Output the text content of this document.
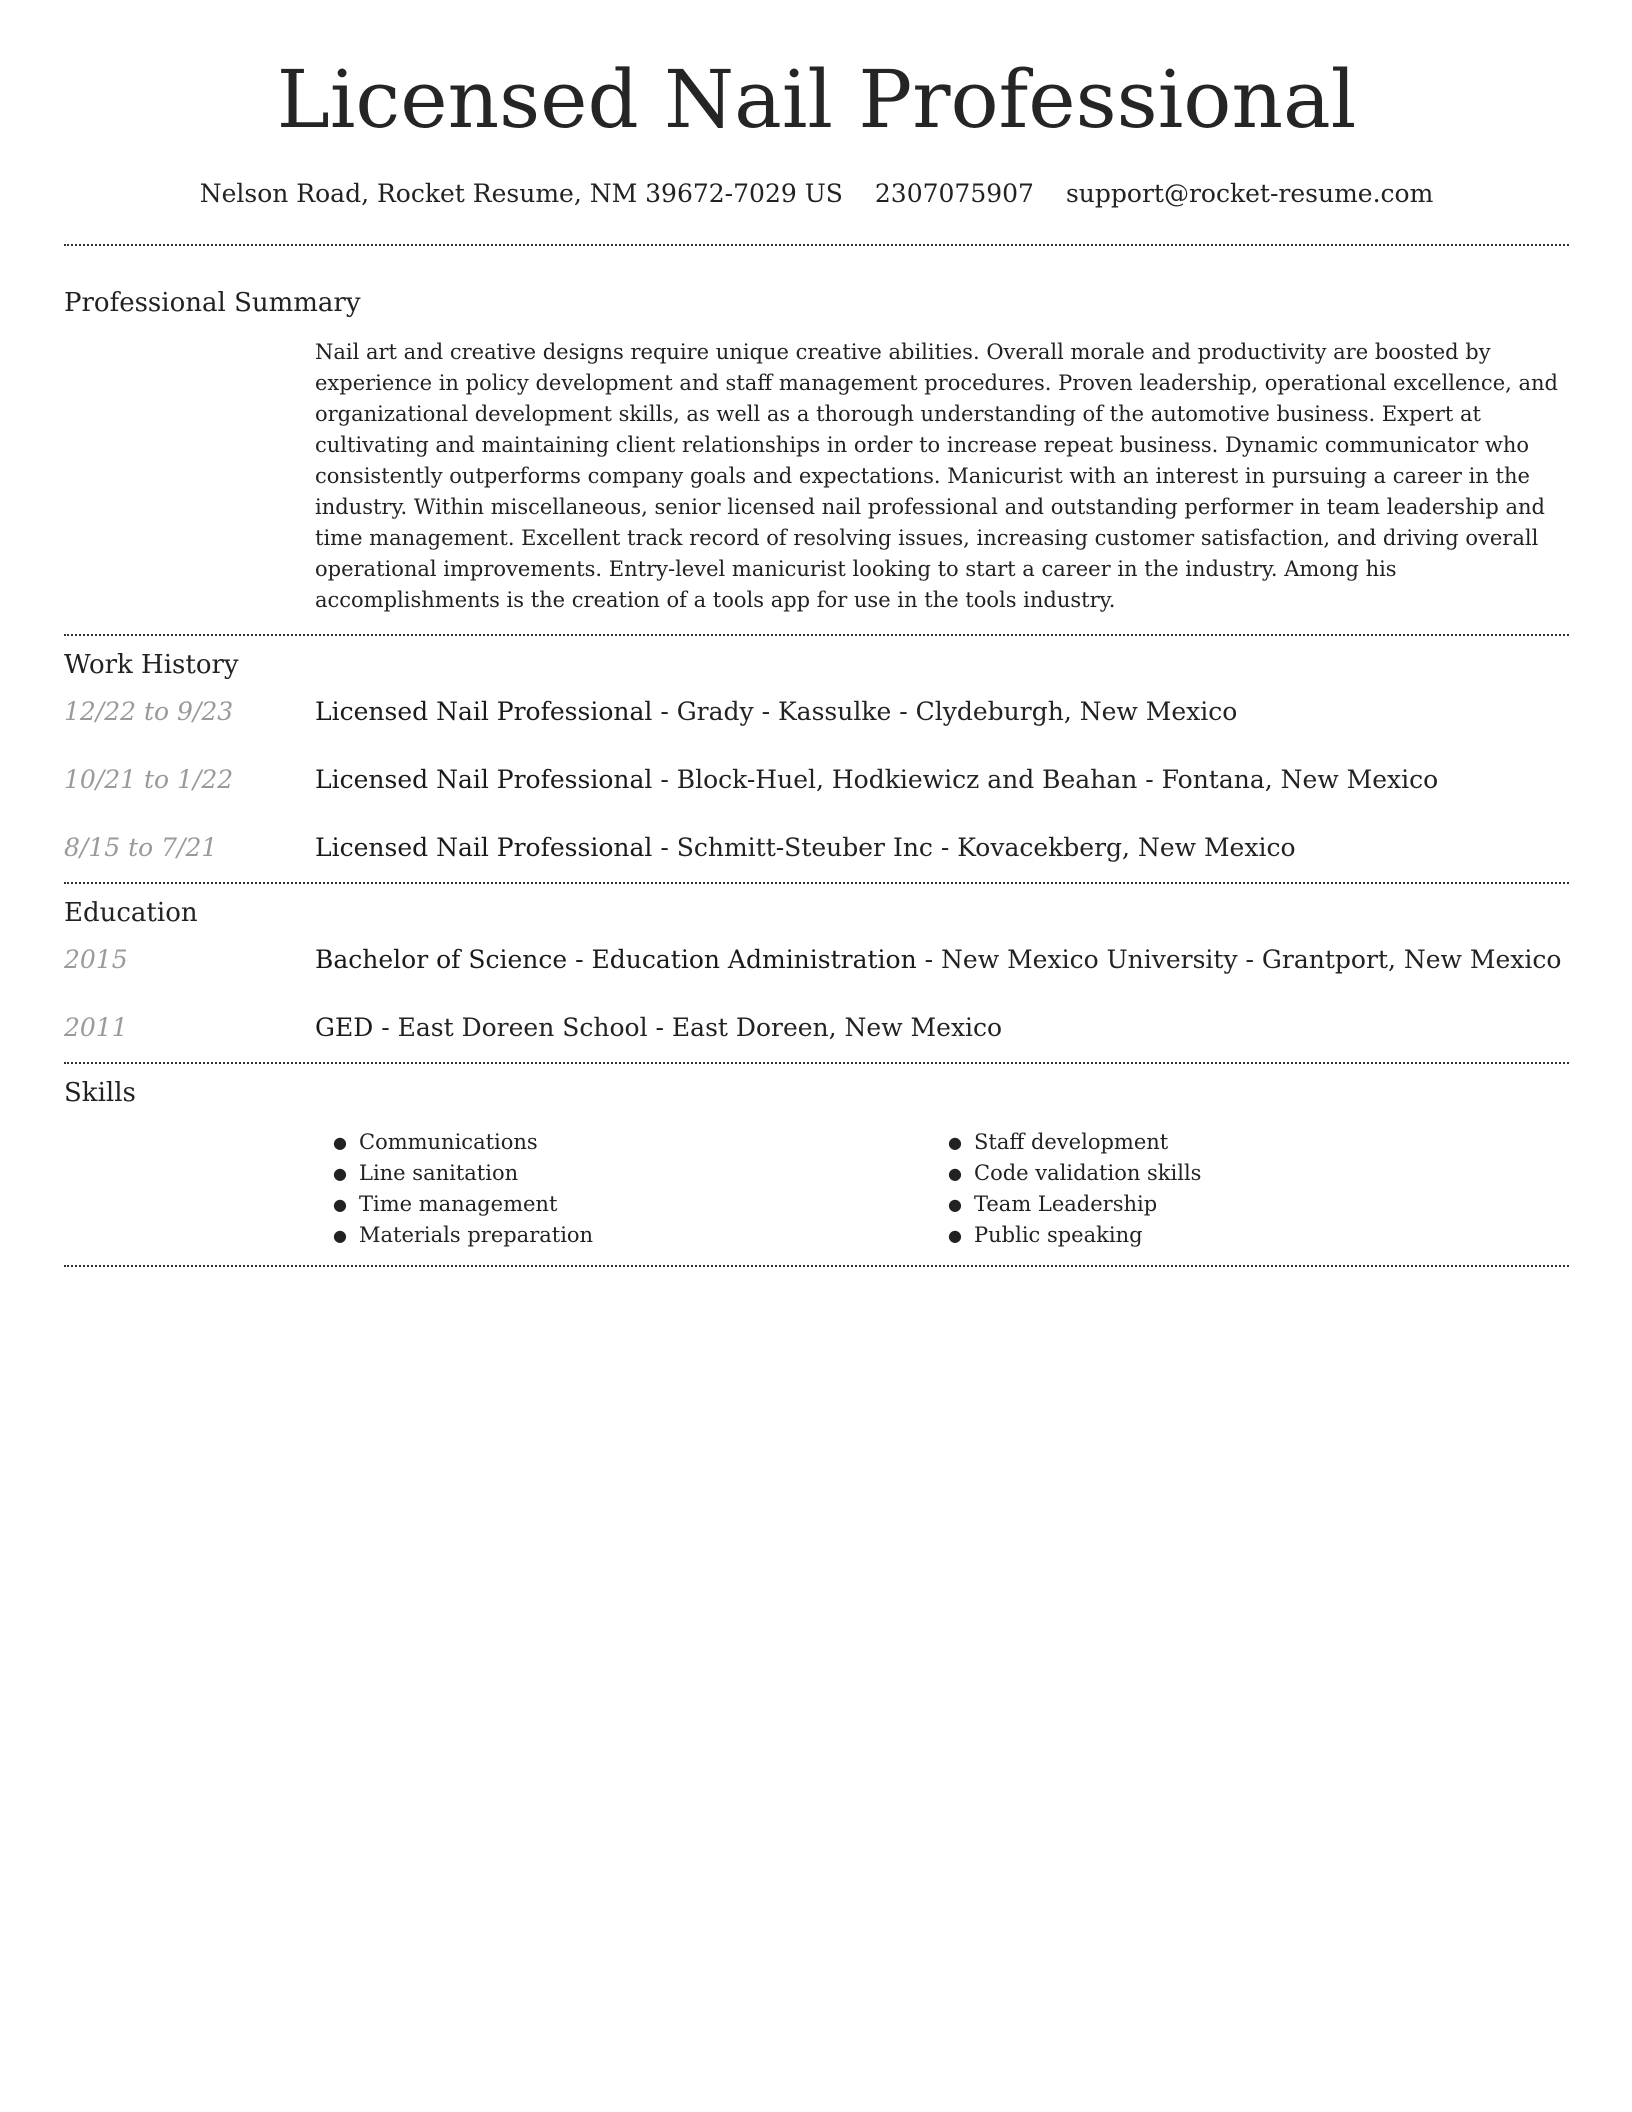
Licensed Nail Professional
Nelson Road, Rocket Resume, NM 39672-7029 US 2307075907 support@rocket-resume.com
Professional Summary

Nail art and creative designs require unique creative abilities. Overall morale and productivity are boosted by experience in policy development and staff management procedures. Proven leadership, operational excellence, and organizational development skills, as well as a thorough understanding of the automotive business. Expert at cultivating and maintaining client relationships in order to increase repeat business. Dynamic communicator who consistently outperforms company goals and expectations. Manicurist with an interest in pursuing a career in the industry. Within miscellaneous, senior licensed nail professional and outstanding performer in team leadership and time management. Excellent track record of resolving issues, increasing customer satisfaction, and driving overall operational improvements. Entry-level manicurist looking to start a career in the industry. Among his accomplishments is the creation of a tools app for use in the tools industry.

Work History
12/22 to 9/23	Licensed Nail Professional - Grady - Kassulke - Clydeburgh, New Mexico
10/21 to 1/22	Licensed Nail Professional - Block-Huel, Hodkiewicz and Beahan - Fontana, New Mexico
8/15 to 7/21	Licensed Nail Professional - Schmitt-Steuber Inc - Kovacekberg, New Mexico
Education
2015	Bachelor of Science - Education Administration - New Mexico University - Grantport, New Mexico
2011	GED - East Doreen School - East Doreen, New Mexico
Skills
● Communications
● Line sanitation
● Time management
● Materials preparation
● Staff development
● Code validation skills
● Team Leadership
● Public speaking
